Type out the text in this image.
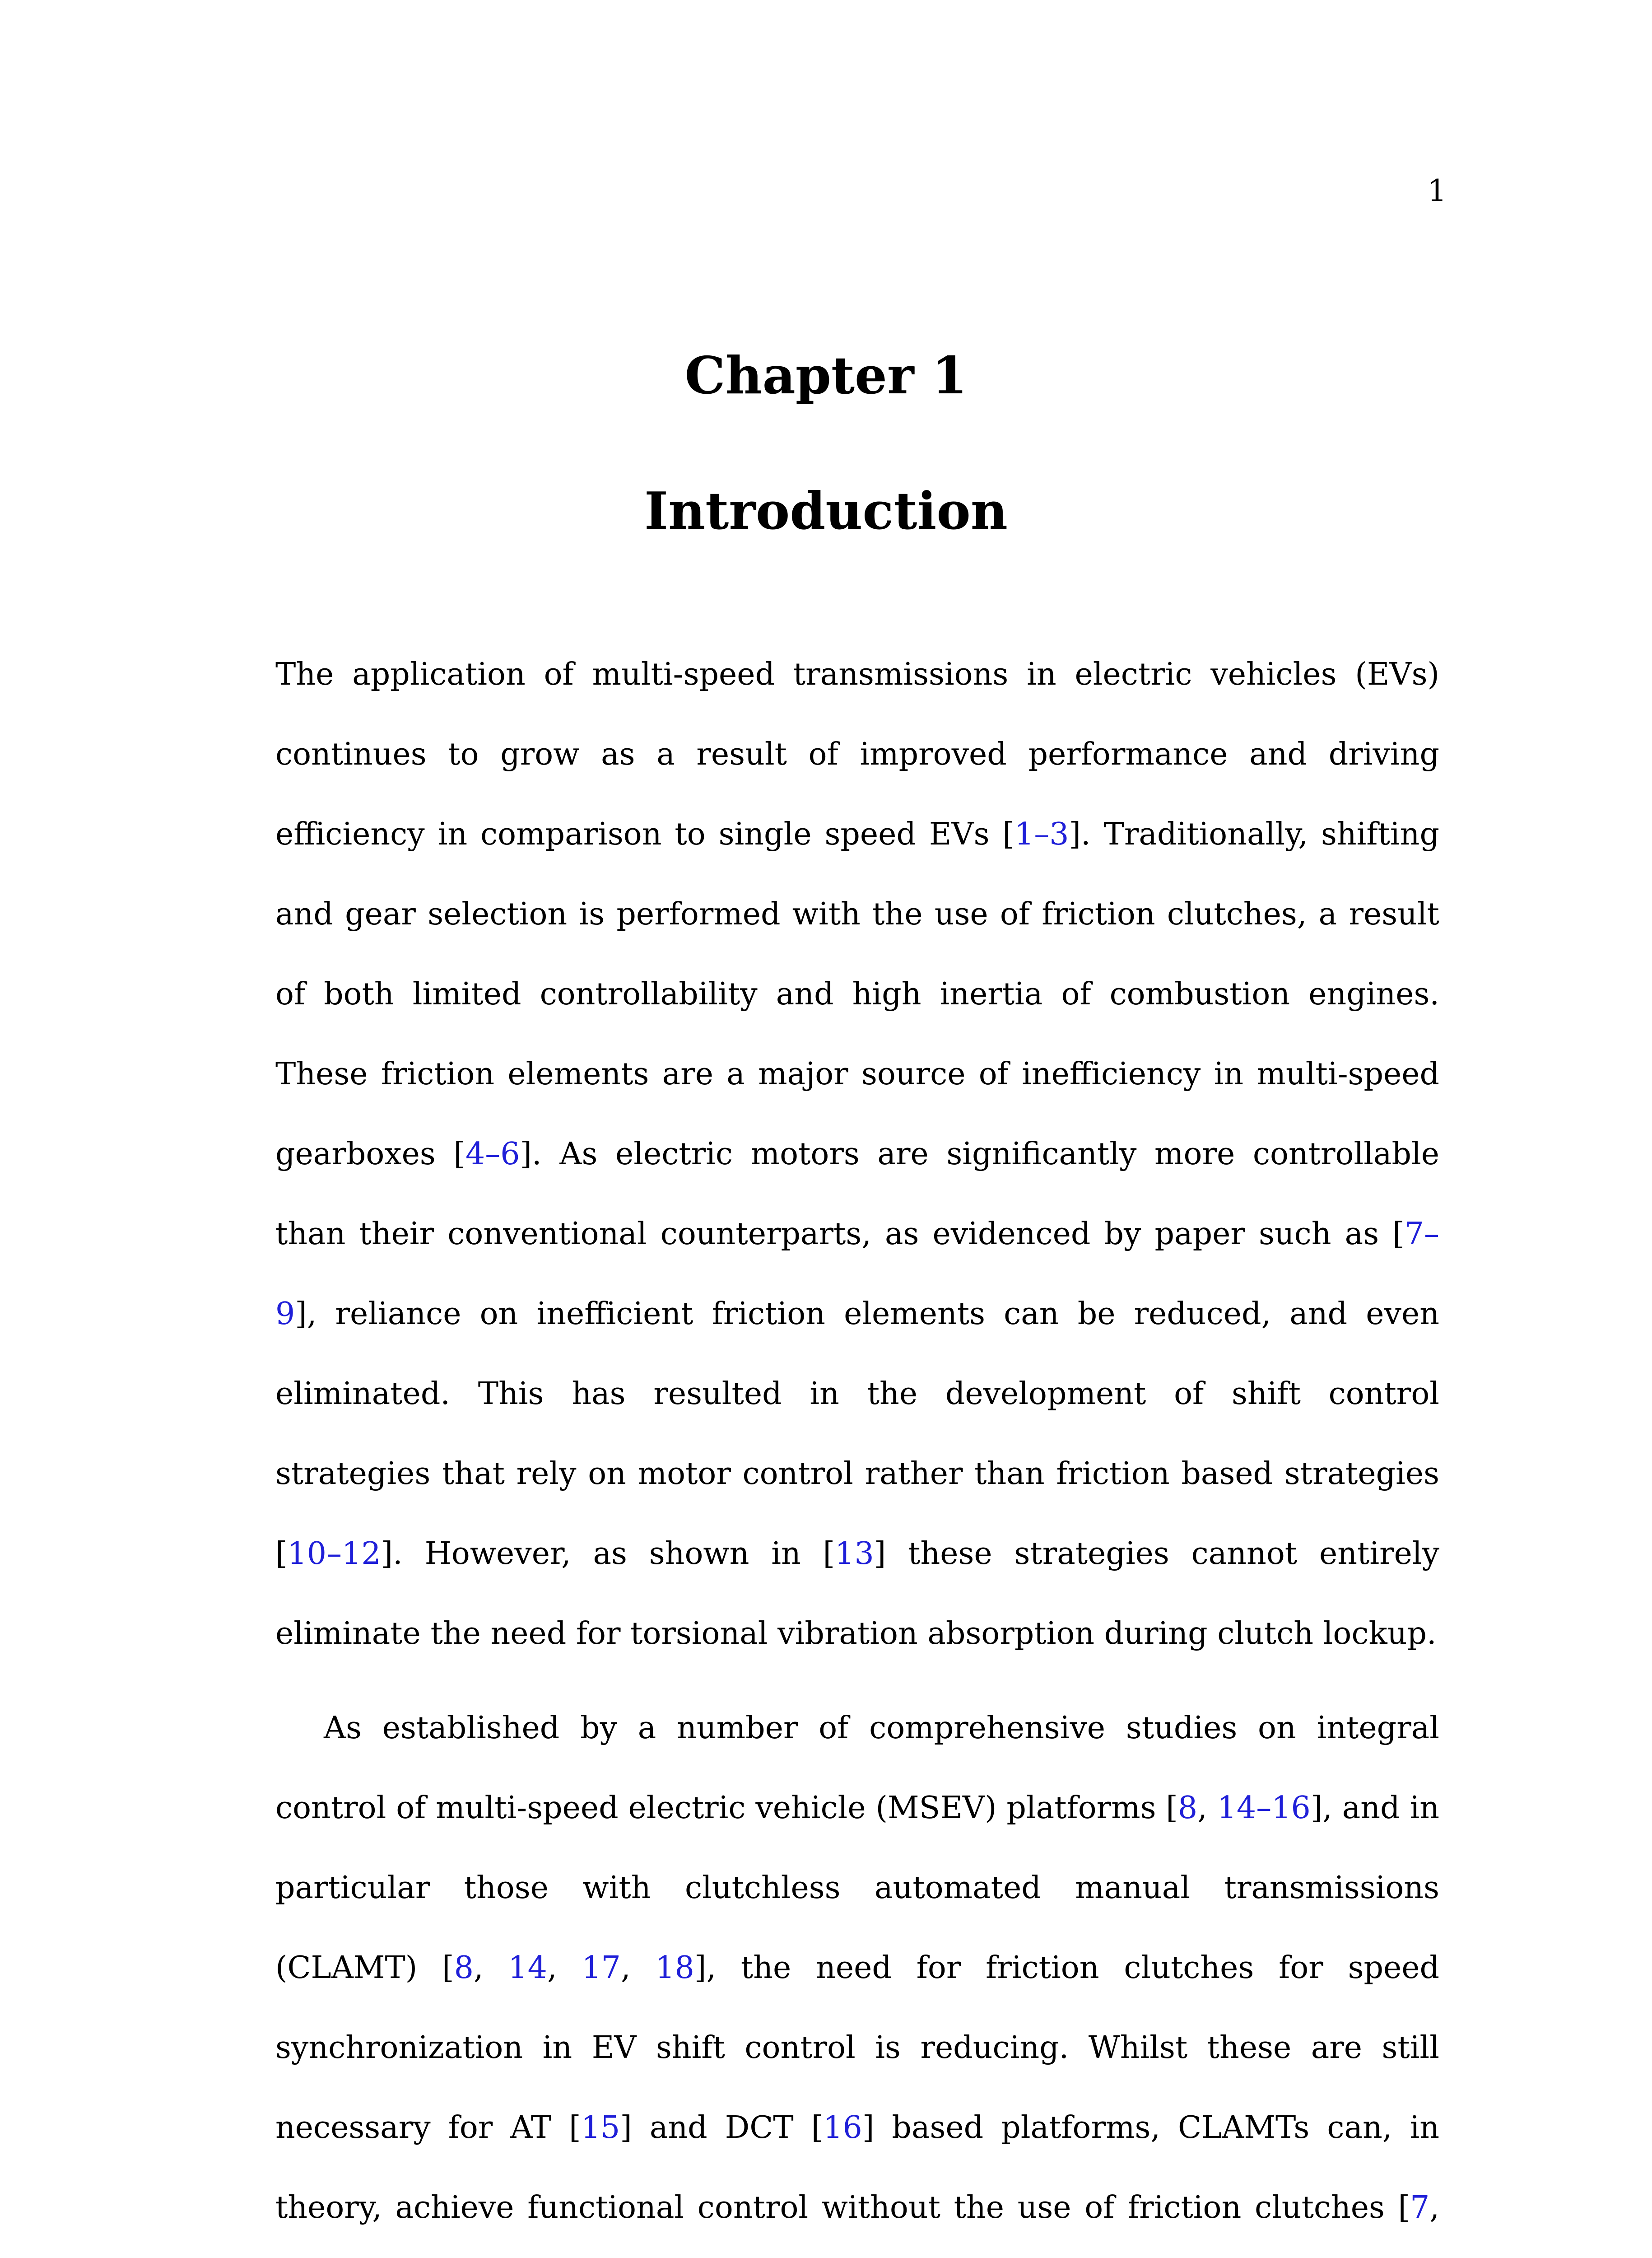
1
Chapter 1
Introduction

The application of multi-speed transmissions in electric vehicles (EVs) continues to grow as a result of improved performance and driving efficiency in comparison to single speed EVs [1–3]. Traditionally, shifting and gear selection is performed with the use of friction clutches, a result of both limited controllability and high inertia of combustion engines. These friction elements are a major source of inefficiency in multi-speed gearboxes [4–6]. As electric motors are significantly more controllable than their conventional counterparts, as evidenced by paper such as [7–9], reliance on inefficient friction elements can be reduced, and even eliminated. This has resulted in the development of shift control strategies that rely on motor control rather than friction based strategies [10–12]. However, as shown in [13] these strategies cannot entirely eliminate the need for torsional vibration absorption during clutch lockup.

As established by a number of comprehensive studies on integral control of multi-speed electric vehicle (MSEV) platforms [8, 14–16], and in particular those with clutchless automated manual transmissions (CLAMT) [8, 14, 17, 18], the need for friction clutches for speed synchronization in EV shift control is reducing. Whilst these are still necessary for AT [15] and DCT [16] based platforms, CLAMTs can, in theory, achieve functional control without the use of friction clutches [7,
